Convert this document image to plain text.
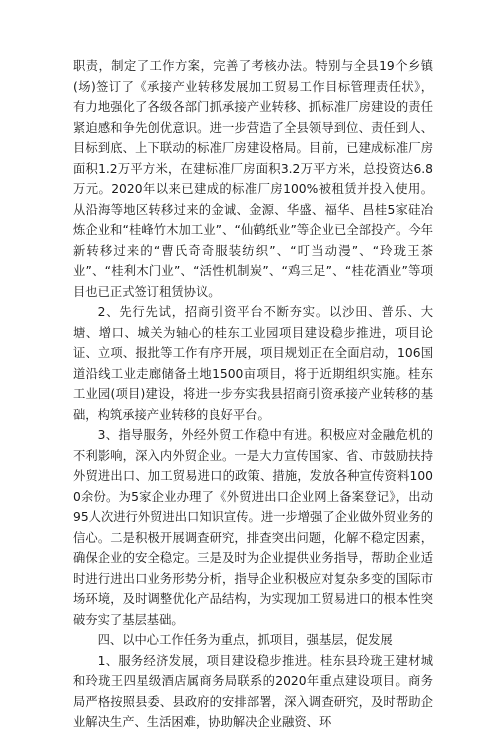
职责，制定了工作方案，完善了考核办法。特别与全县19个乡镇(场)签订了《承接产业转移发展加工贸易工作目标管理责任状》，有力地强化了各级各部门抓承接产业转移、抓标准厂房建设的责任紧迫感和争先创优意识。进一步营造了全县领导到位、责任到人、目标到底、上下联动的标准厂房建设格局。目前，已建成标准厂房面积1.2万平方米，在建标准厂房面积3.2万平方米，总投资达6.8万元。2020年以来已建成的标准厂房100%被租赁并投入使用。从沿海等地区转移过来的金诚、金源、华盛、福华、昌桂5家硅冶炼企业和“桂峰竹木加工业”、“仙鹤纸业”等企业已全部投产。今年新转移过来的“曹氏奇奇服装纺织”、“叮当动漫”、“玲珑王茶业”、“桂利木门业”、“活性机制炭”、“鸡三足”、“桂花酒业”等项目也已正式签订租赁协议。

2、先行先试，招商引资平台不断夯实。以沙田、普乐、大塘、增口、城关为轴心的桂东工业园项目建设稳步推进，项目论证、立项、报批等工作有序开展，项目规划正在全面启动，106国道沿线工业走廊储备土地1500亩项目，将于近期组织实施。桂东工业园(项目)建设，将进一步夯实我县招商引资承接产业转移的基础，构筑承接产业转移的良好平台。

3、指导服务，外经外贸工作稳中有进。积极应对金融危机的不利影响，深入内外贸企业。一是大力宣传国家、省、市鼓励扶持外贸进出口、加工贸易进口的政策、措施，发放各种宣传资料1000余份。为5家企业办理了《外贸进出口企业网上备案登记》，出动95人次进行外贸进出口知识宣传。进一步增强了企业做外贸业务的信心。二是积极开展调查研究，排查突出问题，化解不稳定因素，确保企业的安全稳定。三是及时为企业提供业务指导，帮助企业适时进行进出口业务形势分析，指导企业积极应对复杂多变的国际市场环境，及时调整优化产品结构，为实现加工贸易进口的根本性突破夯实了基层基础。

四、以中心工作任务为重点，抓项目，强基层，促发展

1、服务经济发展，项目建设稳步推进。桂东县玲珑王建材城和玲珑王四星级酒店属商务局联系的2020年重点建设项目。商务局严格按照县委、县政府的安排部署，深入调查研究，及时帮助企业解决生产、生活困难，协助解决企业融资、环
